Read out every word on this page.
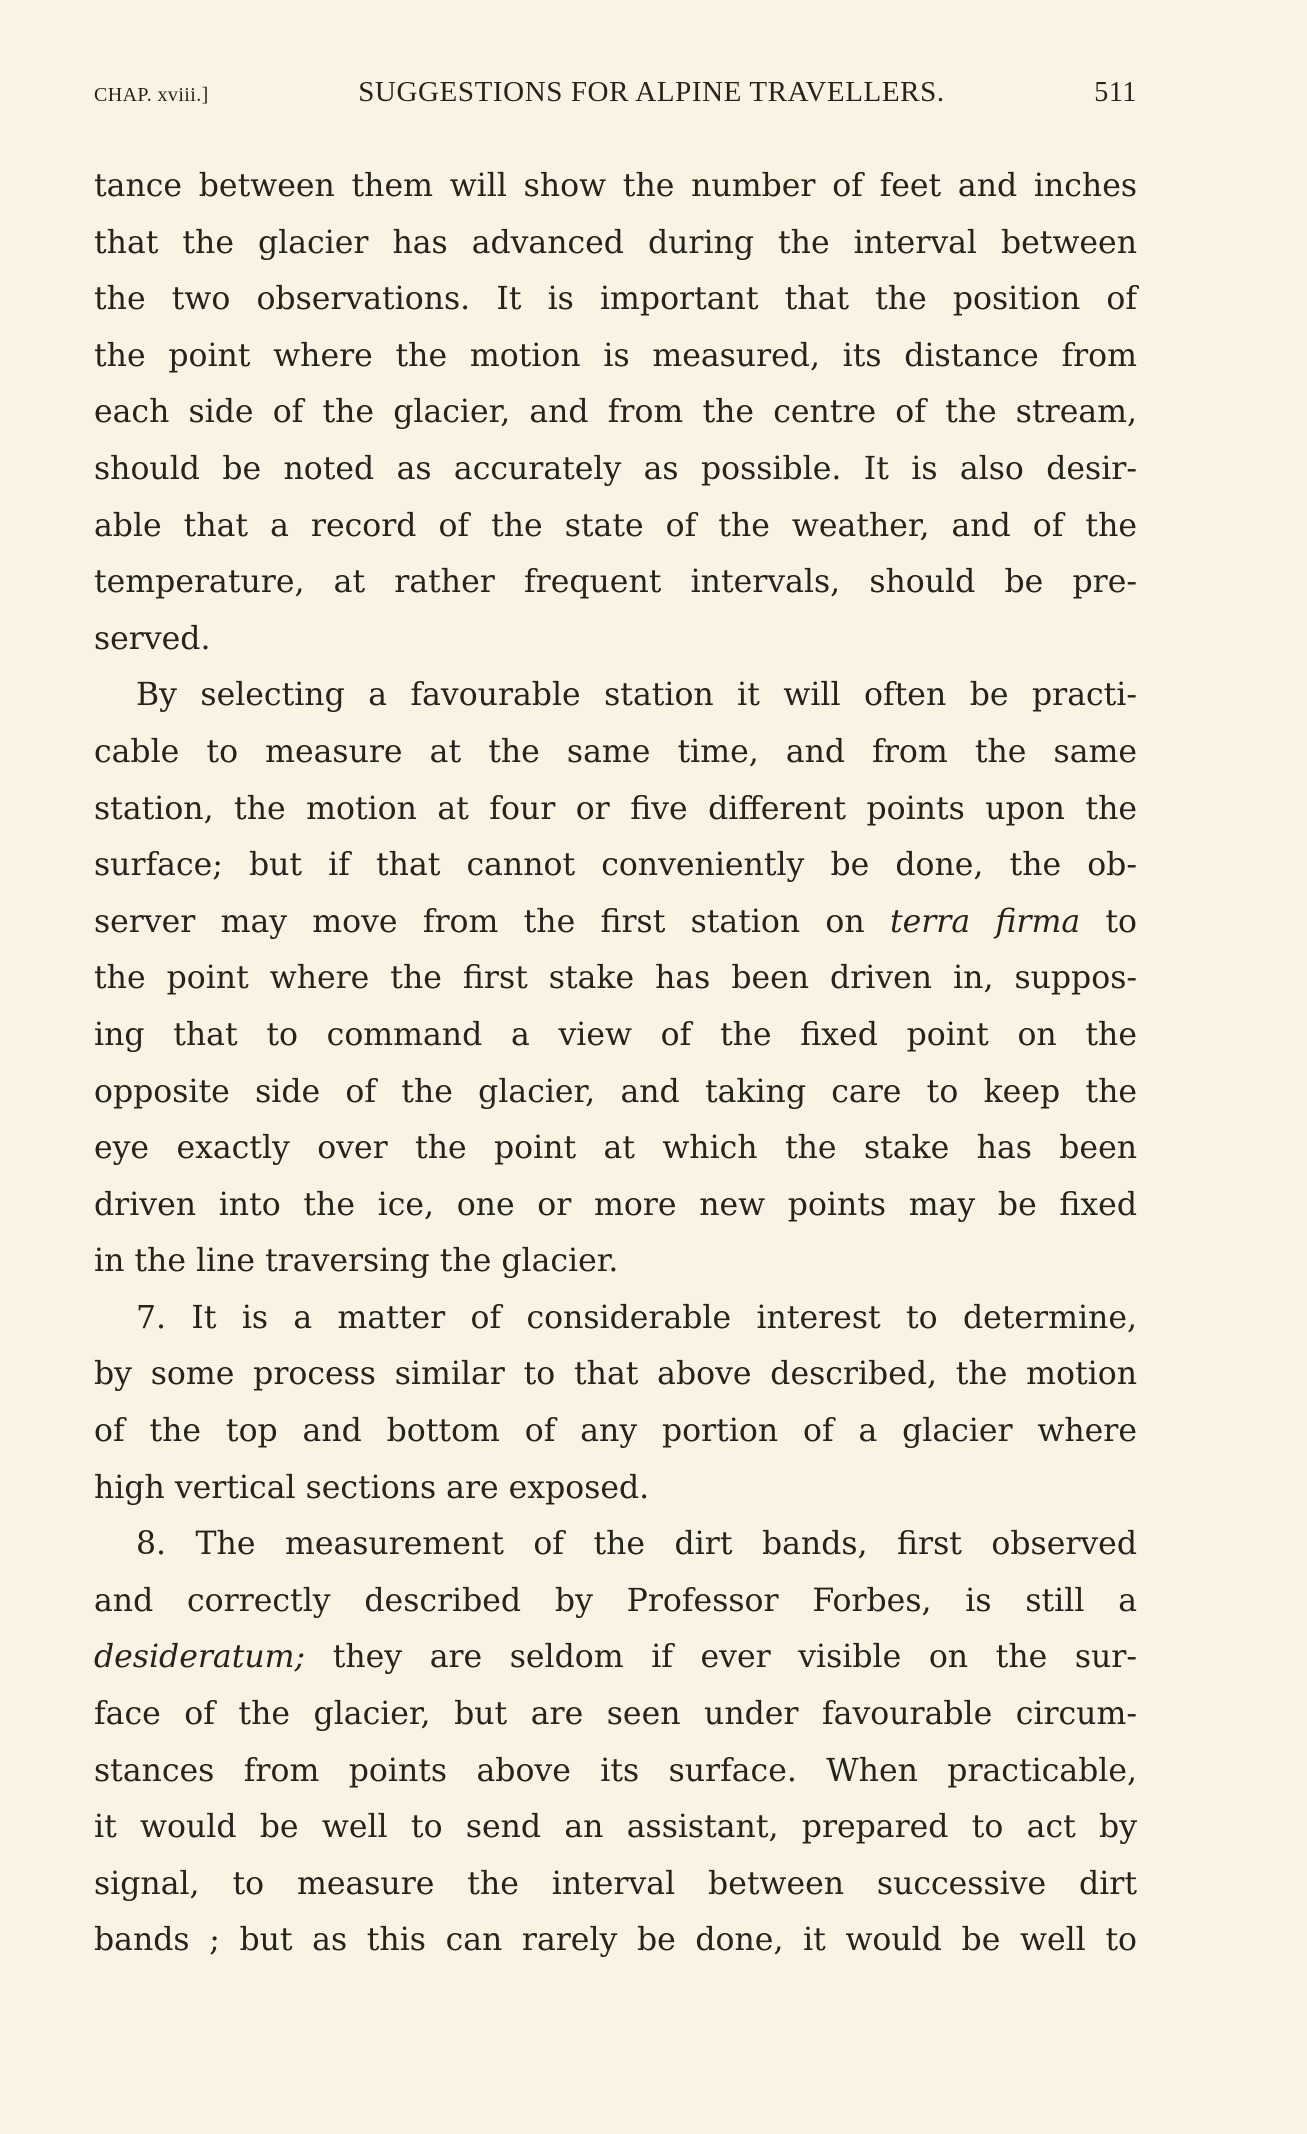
CHAP. xviii.]	SUGGESTIONS FOR ALPINE TRAVELLERS.	511
tance between them will show the number of feet and inches
that the glacier has advanced during the interval between
the two observations. It is important that the position of
the point where the motion is measured, its distance from
each side of the glacier, and from the centre of the stream,
should be noted as accurately as possible. It is also desir-
able that a record of the state of the weather, and of the
temperature, at rather frequent intervals, should be pre-
served.
By selecting a favourable station it will often be practi-
cable to measure at the same time, and from the same
station, the motion at four or five different points upon the
surface; but if that cannot conveniently be done, the ob-
server may move from the first station on terra firma to
the point where the first stake has been driven in, suppos-
ing that to command a view of the fixed point on the
opposite side of the glacier, and taking care to keep the
eye exactly over the point at which the stake has been
driven into the ice, one or more new points may be fixed
in the line traversing the glacier.
7. It is a matter of considerable interest to determine,
by some process similar to that above described, the motion
of the top and bottom of any portion of a glacier where
high vertical sections are exposed.
8. The measurement of the dirt bands, first observed
and correctly described by Professor Forbes, is still a
desideratum; they are seldom if ever visible on the sur-
face of the glacier, but are seen under favourable circum-
stances from points above its surface. When practicable,
it would be well to send an assistant, prepared to act by
signal, to measure the interval between successive dirt
bands ; but as this can rarely be done, it would be well to
